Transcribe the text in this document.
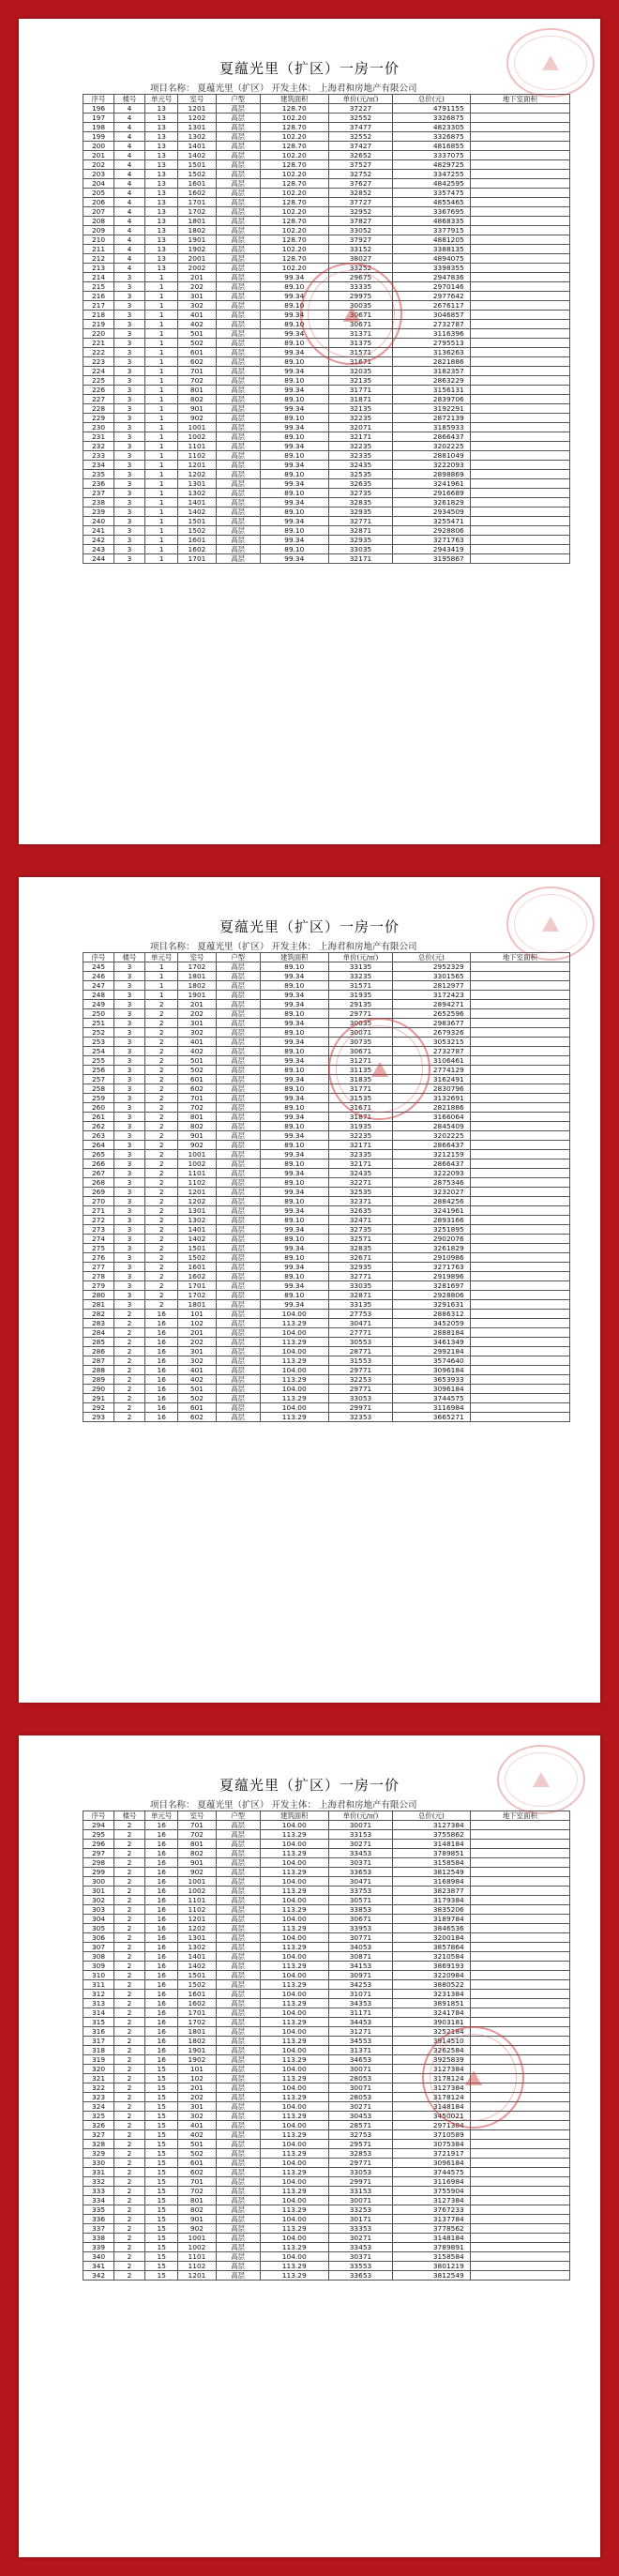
夏蕴光里（扩区）一房一价
项目名称： 夏蕴光里（扩区） 开发主体： 上海君和房地产有限公司
序号	楼号	单元号	室号	户型	建筑面积	单价(元/㎡)	总价(元)	地下室面积
196	4	13	1201	高层	128.70	37227	4791155	
197	4	13	1202	高层	102.20	32552	3326875	
198	4	13	1301	高层	128.70	37477	4823305	
199	4	13	1302	高层	102.20	32552	3326875	
200	4	13	1401	高层	128.70	37427	4816855	
201	4	13	1402	高层	102.20	32652	3337075	
202	4	13	1501	高层	128.70	37527	4829725	
203	4	13	1502	高层	102.20	32752	3347255	
204	4	13	1601	高层	128.70	37627	4842595	
205	4	13	1602	高层	102.20	32852	3357475	
206	4	13	1701	高层	128.70	37727	4855465	
207	4	13	1702	高层	102.20	32952	3367695	
208	4	13	1801	高层	128.70	37827	4868335	
209	4	13	1802	高层	102.20	33052	3377915	
210	4	13	1901	高层	128.70	37927	4881205	
211	4	13	1902	高层	102.20	33152	3388135	
212	4	13	2001	高层	128.70	38027	4894075	
213	4	13	2002	高层	102.20	33252	3398355	
214	3	1	201	高层	99.34	29675	2947836	
215	3	1	202	高层	89.10	33335	2970146	
216	3	1	301	高层	99.34	29975	2977642	
217	3	1	302	高层	89.10	30035	2676117	
218	3	1	401	高层	99.34	30671	3046857	
219	3	1	402	高层	89.10	30671	2732787	
220	3	1	501	高层	99.34	31371	3116396	
221	3	1	502	高层	89.10	31375	2795513	
222	3	1	601	高层	99.34	31571	3136263	
223	3	1	602	高层	89.10	31671	2821886	
224	3	1	701	高层	99.34	32035	3182357	
225	3	1	702	高层	89.10	32135	2863229	
226	3	1	801	高层	99.34	31771	3156131	
227	3	1	802	高层	89.10	31871	2839706	
228	3	1	901	高层	99.34	32135	3192291	
229	3	1	902	高层	89.10	32235	2872139	
230	3	1	1001	高层	99.34	32071	3185933	
231	3	1	1002	高层	89.10	32171	2866437	
232	3	1	1101	高层	99.34	32235	3202225	
233	3	1	1102	高层	89.10	32335	2881049	
234	3	1	1201	高层	99.34	32435	3222093	
235	3	1	1202	高层	89.10	32535	2898869	
236	3	1	1301	高层	99.34	32635	3241961	
237	3	1	1302	高层	89.10	32735	2916689	
238	3	1	1401	高层	99.34	32835	3261829	
239	3	1	1402	高层	89.10	32935	2934509	
240	3	1	1501	高层	99.34	32771	3255471	
241	3	1	1502	高层	89.10	32871	2928806	
242	3	1	1601	高层	99.34	32935	3271763	
243	3	1	1602	高层	89.10	33035	2943419	
244	3	1	1701	高层	99.34	32171	3195867	
夏蕴光里（扩区）一房一价
项目名称： 夏蕴光里（扩区） 开发主体： 上海君和房地产有限公司
序号	楼号	单元号	室号	户型	建筑面积	单价(元/㎡)	总价(元)	地下室面积
245	3	1	1702	高层	89.10	33135	2952329	
246	3	1	1801	高层	99.34	33235	3301565	
247	3	1	1802	高层	89.10	31571	2812977	
248	3	1	1901	高层	99.34	31935	3172423	
249	3	2	201	高层	99.34	29135	2894271	
250	3	2	202	高层	89.10	29771	2652596	
251	3	2	301	高层	99.34	30035	2983677	
252	3	2	302	高层	89.10	30071	2679326	
253	3	2	401	高层	99.34	30735	3053215	
254	3	2	402	高层	89.10	30671	2732787	
255	3	2	501	高层	99.34	31271	3106461	
256	3	2	502	高层	89.10	31135	2774129	
257	3	2	601	高层	99.34	31835	3162491	
258	3	2	602	高层	89.10	31771	2830796	
259	3	2	701	高层	99.34	31535	3132691	
260	3	2	702	高层	89.10	31671	2821886	
261	3	2	801	高层	99.34	31871	3166064	
262	3	2	802	高层	89.10	31935	2845409	
263	3	2	901	高层	99.34	32235	3202225	
264	3	2	902	高层	89.10	32171	2866437	
265	3	2	1001	高层	99.34	32335	3212159	
266	3	2	1002	高层	89.10	32171	2866437	
267	3	2	1101	高层	99.34	32435	3222093	
268	3	2	1102	高层	89.10	32271	2875346	
269	3	2	1201	高层	99.34	32535	3232027	
270	3	2	1202	高层	89.10	32371	2884256	
271	3	2	1301	高层	99.34	32635	3241961	
272	3	2	1302	高层	89.10	32471	2893166	
273	3	2	1401	高层	99.34	32735	3251895	
274	3	2	1402	高层	89.10	32571	2902076	
275	3	2	1501	高层	99.34	32835	3261829	
276	3	2	1502	高层	89.10	32671	2910986	
277	3	2	1601	高层	99.34	32935	3271763	
278	3	2	1602	高层	89.10	32771	2919896	
279	3	2	1701	高层	99.34	33035	3281697	
280	3	2	1702	高层	89.10	32871	2928806	
281	3	2	1801	高层	99.34	33135	3291631	
282	2	16	101	高层	104.00	27753	2886312	
283	2	16	102	高层	113.29	30471	3452059	
284	2	16	201	高层	104.00	27771	2888184	
285	2	16	202	高层	113.29	30553	3461349	
286	2	16	301	高层	104.00	28771	2992184	
287	2	16	302	高层	113.29	31553	3574640	
288	2	16	401	高层	104.00	29771	3096184	
289	2	16	402	高层	113.29	32253	3653933	
290	2	16	501	高层	104.00	29771	3096184	
291	2	16	502	高层	113.29	33053	3744575	
292	2	16	601	高层	104.00	29971	3116984	
293	2	16	602	高层	113.29	32353	3665271	
夏蕴光里（扩区）一房一价
项目名称： 夏蕴光里（扩区） 开发主体： 上海君和房地产有限公司
序号	楼号	单元号	室号	户型	建筑面积	单价(元/㎡)	总价(元)	地下室面积
294	2	16	701	高层	104.00	30071	3127384	
295	2	16	702	高层	113.29	33153	3755862	
296	2	16	801	高层	104.00	30271	3148184	
297	2	16	802	高层	113.29	33453	3789851	
298	2	16	901	高层	104.00	30371	3158584	
299	2	16	902	高层	113.29	33653	3812549	
300	2	16	1001	高层	104.00	30471	3168984	
301	2	16	1002	高层	113.29	33753	3823877	
302	2	16	1101	高层	104.00	30571	3179384	
303	2	16	1102	高层	113.29	33853	3835206	
304	2	16	1201	高层	104.00	30671	3189784	
305	2	16	1202	高层	113.29	33953	3846536	
306	2	16	1301	高层	104.00	30771	3200184	
307	2	16	1302	高层	113.29	34053	3857864	
308	2	16	1401	高层	104.00	30871	3210584	
309	2	16	1402	高层	113.29	34153	3869193	
310	2	16	1501	高层	104.00	30971	3220984	
311	2	16	1502	高层	113.29	34253	3880522	
312	2	16	1601	高层	104.00	31071	3231384	
313	2	16	1602	高层	113.29	34353	3891851	
314	2	16	1701	高层	104.00	31171	3241784	
315	2	16	1702	高层	113.29	34453	3903181	
316	2	16	1801	高层	104.00	31271	3252184	
317	2	16	1802	高层	113.29	34553	3914510	
318	2	16	1901	高层	104.00	31371	3262584	
319	2	16	1902	高层	113.29	34653	3925839	
320	2	15	101	高层	104.00	30071	3127384	
321	2	15	102	高层	113.29	28053	3178124	
322	2	15	201	高层	104.00	30071	3127384	
323	2	15	202	高层	113.29	28053	3178124	
324	2	15	301	高层	104.00	30271	3148184	
325	2	15	302	高层	113.29	30453	3450021	
326	2	15	401	高层	104.00	28571	2971384	
327	2	15	402	高层	113.29	32753	3710589	
328	2	15	501	高层	104.00	29571	3075384	
329	2	15	502	高层	113.29	32853	3721917	
330	2	15	601	高层	104.00	29771	3096184	
331	2	15	602	高层	113.29	33053	3744575	
332	2	15	701	高层	104.00	29971	3116984	
333	2	15	702	高层	113.29	33153	3755904	
334	2	15	801	高层	104.00	30071	3127384	
335	2	15	802	高层	113.29	33253	3767233	
336	2	15	901	高层	104.00	30171	3137784	
337	2	15	902	高层	113.29	33353	3778562	
338	2	15	1001	高层	104.00	30271	3148184	
339	2	15	1002	高层	113.29	33453	3789891	
340	2	15	1101	高层	104.00	30371	3158584	
341	2	15	1102	高层	113.29	33553	3801219	
342	2	15	1201	高层	113.29	33653	3812549	
